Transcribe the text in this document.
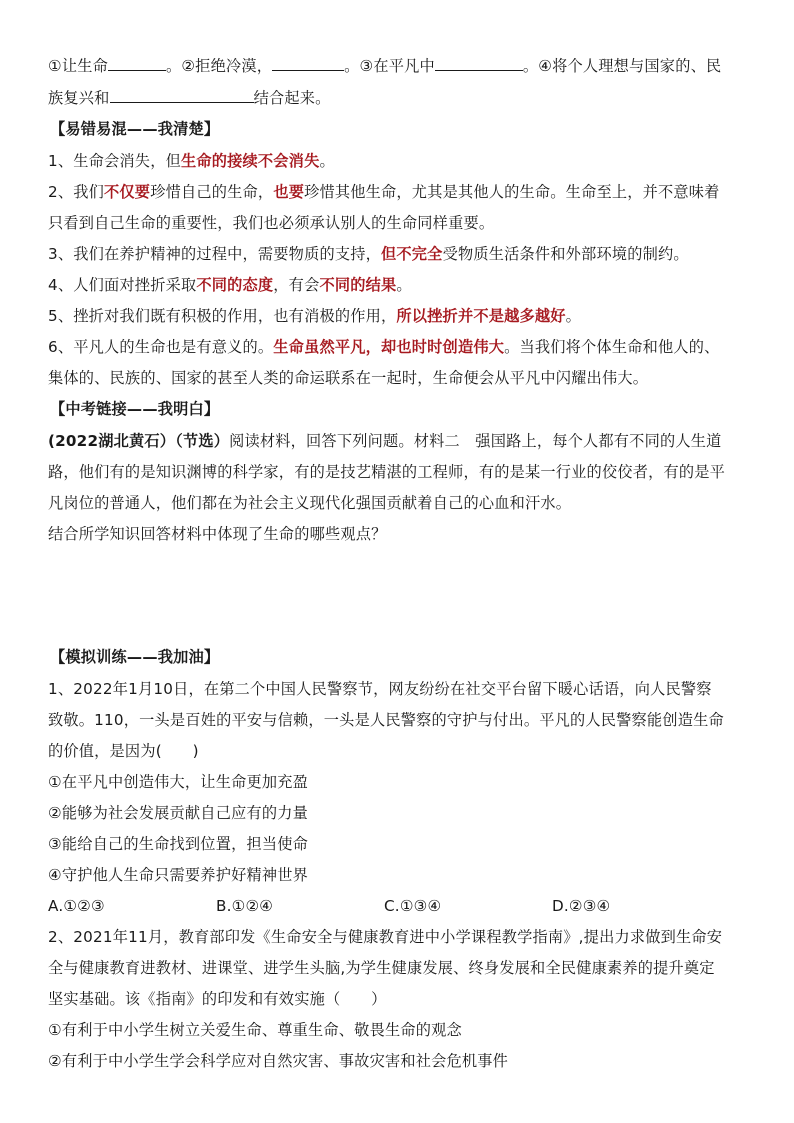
①让生命	。②拒绝冷漠，	。③在平凡中	。④将个人理想与国家的、民
族复兴和	结合起来。
【易错易混——我清楚】
1、生命会消失，但生命的接续不会消失。
2、我们不仅要珍惜自己的生命，也要珍惜其他生命，尤其是其他人的生命。生命至上，并不意味着
只看到自己生命的重要性，我们也必须承认别人的生命同样重要。
3、我们在养护精神的过程中，需要物质的支持，但不完全受物质生活条件和外部环境的制约。
4、人们面对挫折采取不同的态度，有会不同的结果。
5、挫折对我们既有积极的作用，也有消极的作用，所以挫折并不是越多越好。
6、平凡人的生命也是有意义的。生命虽然平凡，却也时时创造伟大。当我们将个体生命和他人的、
集体的、民族的、国家的甚至人类的命运联系在一起时，生命便会从平凡中闪耀出伟大。
【中考链接——我明白】
(2022湖北黄石）（节选）阅读材料，回答下列问题。材料二　强国路上，每个人都有不同的人生道
路，他们有的是知识渊博的科学家，有的是技艺精湛的工程师，有的是某一行业的佼佼者，有的是平
凡岗位的普通人，他们都在为社会主义现代化强国贡献着自己的心血和汗水。
结合所学知识回答材料中体现了生命的哪些观点？
【模拟训练——我加油】
1、2022年1月10日，在第二个中国人民警察节，网友纷纷在社交平台留下暖心话语，向人民警察
致敬。110，一头是百姓的平安与信赖，一头是人民警察的守护与付出。平凡的人民警察能创造生命
的价值，是因为(　　)
①在平凡中创造伟大，让生命更加充盈
②能够为社会发展贡献自己应有的力量
③能给自己的生命找到位置，担当使命
④守护他人生命只需要养护好精神世界
A.①②③	B.①②④	C.①③④	D.②③④
2、2021年11月，教育部印发《生命安全与健康教育进中小学课程教学指南》,提出力求做到生命安
全与健康教育进教材、进课堂、进学生头脑,为学生健康发展、终身发展和全民健康素养的提升奠定
坚实基础。该《指南》的印发和有效实施（　　）
①有利于中小学生树立关爱生命、尊重生命、敬畏生命的观念
②有利于中小学生学会科学应对自然灾害、事故灾害和社会危机事件
